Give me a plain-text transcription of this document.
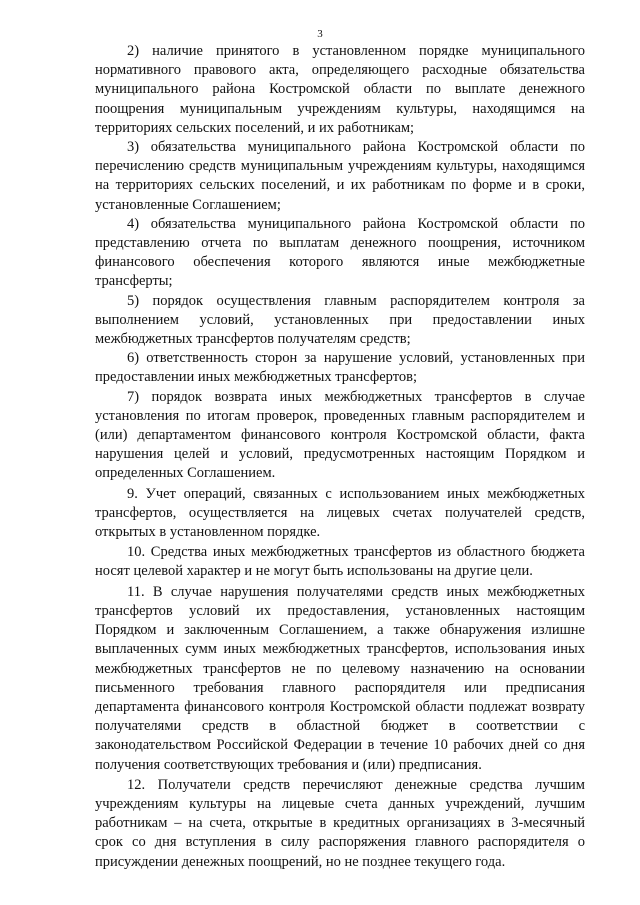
3

2) наличие принятого в установленном порядке муниципального нормативного правового акта, определяющего расходные обязательства муниципального района Костромской области по выплате денежного поощрения муниципальным учреждениям культуры, находящимся на территориях сельских поселений, и их работникам;

3) обязательства муниципального района Костромской области по перечислению средств муниципальным учреждениям культуры, находящимся на территориях сельских поселений, и их работникам по форме и в сроки, установленные Соглашением;

4) обязательства муниципального района Костромской области по представлению отчета по выплатам денежного поощрения, источником финансового обеспечения которого являются иные межбюджетные трансферты;

5) порядок осуществления главным распорядителем контроля за выполнением условий, установленных при предоставлении иных межбюджетных трансфертов получателям средств;

6) ответственность сторон за нарушение условий, установленных при предоставлении иных межбюджетных трансфертов;

7) порядок возврата иных межбюджетных трансфертов в случае установления по итогам проверок, проведенных главным распорядителем и (или) департаментом финансового контроля Костромской области, факта нарушения целей и условий, предусмотренных настоящим Порядком и определенных Соглашением.

9. Учет операций, связанных с использованием иных межбюджетных трансфертов, осуществляется на лицевых счетах получателей средств, открытых в установленном порядке.

10. Средства иных межбюджетных трансфертов из областного бюджета носят целевой характер и не могут быть использованы на другие цели.

11. В случае нарушения получателями средств иных межбюджетных трансфертов условий их предоставления, установленных настоящим Порядком и заключенным Соглашением, а также обнаружения излишне выплаченных сумм иных межбюджетных трансфертов, использования иных межбюджетных трансфертов не по целевому назначению на основании письменного требования главного распорядителя или предписания департамента финансового контроля Костромской области подлежат возврату получателями средств в областной бюджет в соответствии с законодательством Российской Федерации в течение 10 рабочих дней со дня получения соответствующих требования и (или) предписания.

12. Получатели средств перечисляют денежные средства лучшим учреждениям культуры на лицевые счета данных учреждений, лучшим работникам – на счета, открытые в кредитных организациях в 3-месячный срок со дня вступления в силу распоряжения главного распорядителя о присуждении денежных поощрений, но не позднее текущего года.
